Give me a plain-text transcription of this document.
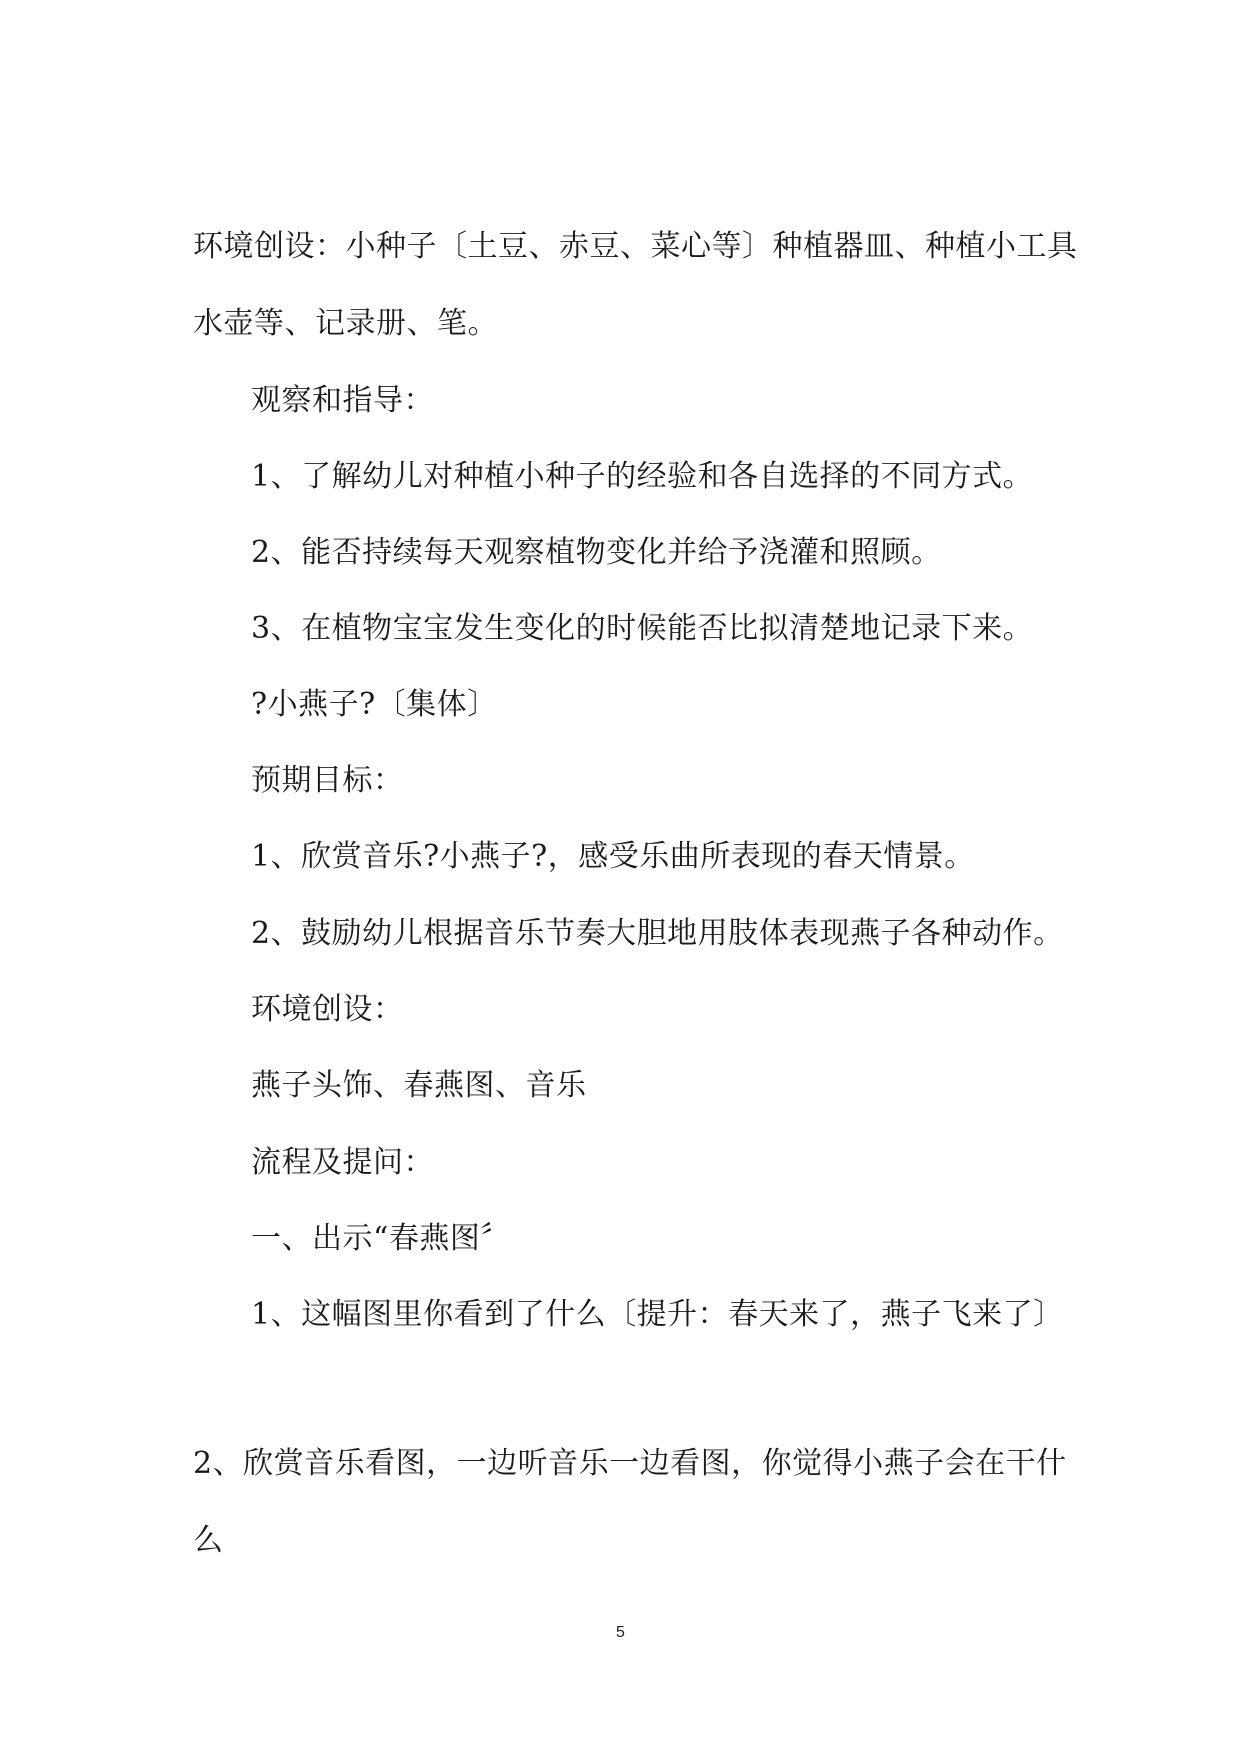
环境创设：小种子〔土豆、赤豆、菜心等〕种植器皿、种植小工具
水壶等、记录册、笔。
观察和指导：
1、了解幼儿对种植小种子的经验和各自选择的不同方式。
2、能否持续每天观察植物变化并给予浇灌和照顾。
3、在植物宝宝发生变化的时候能否比拟清楚地记录下来。
?小燕子?〔集体〕
预期目标：
1、欣赏音乐?小燕子?，感受乐曲所表现的春天情景。
2、鼓励幼儿根据音乐节奏大胆地用肢体表现燕子各种动作。
环境创设：
燕子头饰、春燕图、音乐
流程及提问：
一、出示“春燕图〞
1、这幅图里你看到了什么〔提升：春天来了，燕子飞来了〕
2、欣赏音乐看图，一边听音乐一边看图，你觉得小燕子会在干什
么
5
